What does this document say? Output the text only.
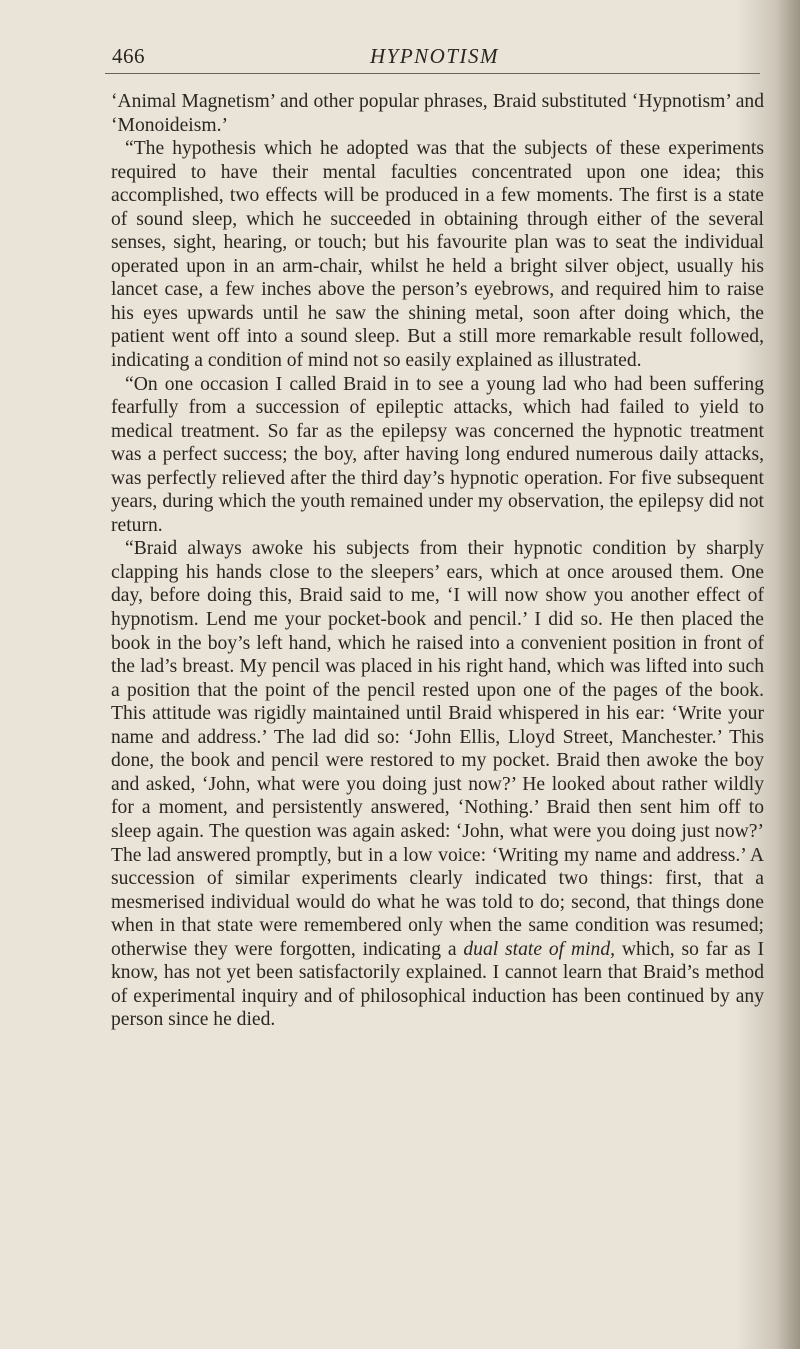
466	HYPNOTISM

‘Animal Magnetism’ and other popular phrases, Braid substituted ‘Hypnotism’ and ‘Monoideism.’

“The hypothesis which he adopted was that the subjects of these experiments required to have their mental faculties concentrated upon one idea; this accomplished, two effects will be produced in a few moments. The first is a state of sound sleep, which he succeeded in obtaining through either of the several senses, sight, hearing, or touch; but his favourite plan was to seat the individual operated upon in an arm-chair, whilst he held a bright silver object, usually his lancet case, a few inches above the person’s eyebrows, and required him to raise his eyes upwards until he saw the shining metal, soon after doing which, the patient went off into a sound sleep. But a still more remarkable result followed, indicating a condition of mind not so easily explained as illustrated.

“On one occasion I called Braid in to see a young lad who had been suffering fearfully from a succession of epileptic attacks, which had failed to yield to medical treatment. So far as the epilepsy was concerned the hypnotic treatment was a perfect success; the boy, after having long endured numerous daily attacks, was perfectly relieved after the third day’s hypnotic operation. For five subsequent years, during which the youth remained under my observation, the epilepsy did not return.

“Braid always awoke his subjects from their hypnotic condition by sharply clapping his hands close to the sleepers’ ears, which at once aroused them. One day, before doing this, Braid said to me, ‘I will now show you another effect of hypnotism. Lend me your pocket-book and pencil.’ I did so. He then placed the book in the boy’s left hand, which he raised into a convenient position in front of the lad’s breast. My pencil was placed in his right hand, which was lifted into such a position that the point of the pencil rested upon one of the pages of the book. This attitude was rigidly maintained until Braid whispered in his ear: ‘Write your name and address.’ The lad did so: ‘John Ellis, Lloyd Street, Manchester.’ This done, the book and pencil were restored to my pocket. Braid then awoke the boy and asked, ‘John, what were you doing just now?’ He looked about rather wildly for a moment, and persistently answered, ‘Nothing.’ Braid then sent him off to sleep again. The question was again asked: ‘John, what were you doing just now?’ The lad answered promptly, but in a low voice: ‘Writing my name and address.’ A succession of similar experiments clearly indicated two things: first, that a mesmerised individual would do what he was told to do; second, that things done when in that state were remembered only when the same condition was resumed; otherwise they were forgotten, indicating a dual state of mind, which, so far as I know, has not yet been satisfactorily explained. I cannot learn that Braid’s method of experimental inquiry and of philosophical induction has been continued by any person since he died.
